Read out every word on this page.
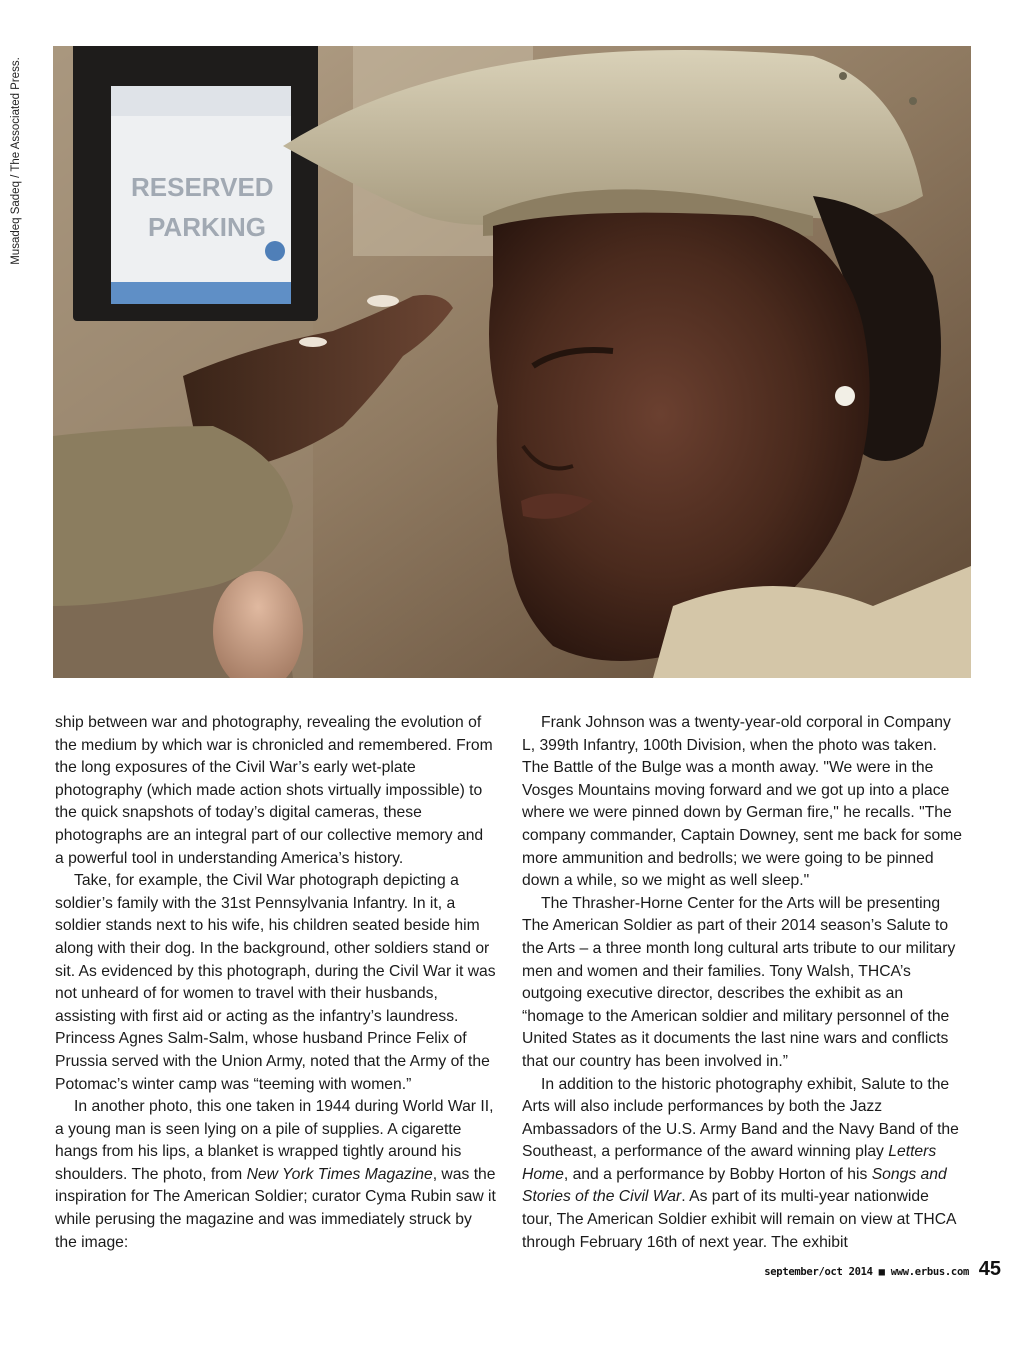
Musadeq Sadeq / The Associated Press.	RESERVED
PARKING

ship between war and photography, revealing the evolution of the medium by which war is chronicled and remembered. From the long exposures of the Civil War’s early wet-plate photography (which made action shots virtually impossible) to the quick snapshots of today’s digital cameras, these photographs are an integral part of our collective memory and a powerful tool in understanding America’s history.

Take, for example, the Civil War photograph depicting a soldier’s family with the 31st Pennsylvania Infantry. In it, a soldier stands next to his wife, his children seated beside him along with their dog. In the background, other soldiers stand or sit. As evidenced by this photograph, during the Civil War it was not unheard of for women to travel with their husbands, assisting with first aid or acting as the infantry’s laundress. Princess Agnes Salm-Salm, whose husband Prince Felix of Prussia served with the Union Army, noted that the Army of the Potomac’s winter camp was “teeming with women.”

In another photo, this one taken in 1944 during World War II, a young man is seen lying on a pile of supplies. A cigarette hangs from his lips, a blanket is wrapped tightly around his shoulders. The photo, from New York Times Magazine, was the inspiration for The American Soldier; curator Cyma Rubin saw it while perusing the magazine and was immediately struck by the image:

Frank Johnson was a twenty-year-old corporal in Company L, 399th Infantry, 100th Division, when the photo was taken. The Battle of the Bulge was a month away. "We were in the Vosges Mountains moving forward and we got up into a place where we were pinned down by German fire," he recalls. "The company commander, Captain Downey, sent me back for some more ammunition and bedrolls; we were going to be pinned down a while, so we might as well sleep."

The Thrasher-Horne Center for the Arts will be presenting The American Soldier as part of their 2014 season’s Salute to the Arts – a three month long cultural arts tribute to our military men and women and their families. Tony Walsh, THCA’s outgoing executive director, describes the exhibit as an “homage to the American soldier and military personnel of the United States as it documents the last nine wars and conflicts that our country has been involved in.”

In addition to the historic photography exhibit, Salute to the Arts will also include performances by both the Jazz Ambassadors of the U.S. Army Band and the Navy Band of the Southeast, a performance of the award winning play Letters Home, and a performance by Bobby Horton of his Songs and Stories of the Civil War. As part of its multi-year nationwide tour, The American Soldier exhibit will remain on view at THCA through February 16th of next year. The exhibit

september/oct 2014 ■ www.erbus.com 45
